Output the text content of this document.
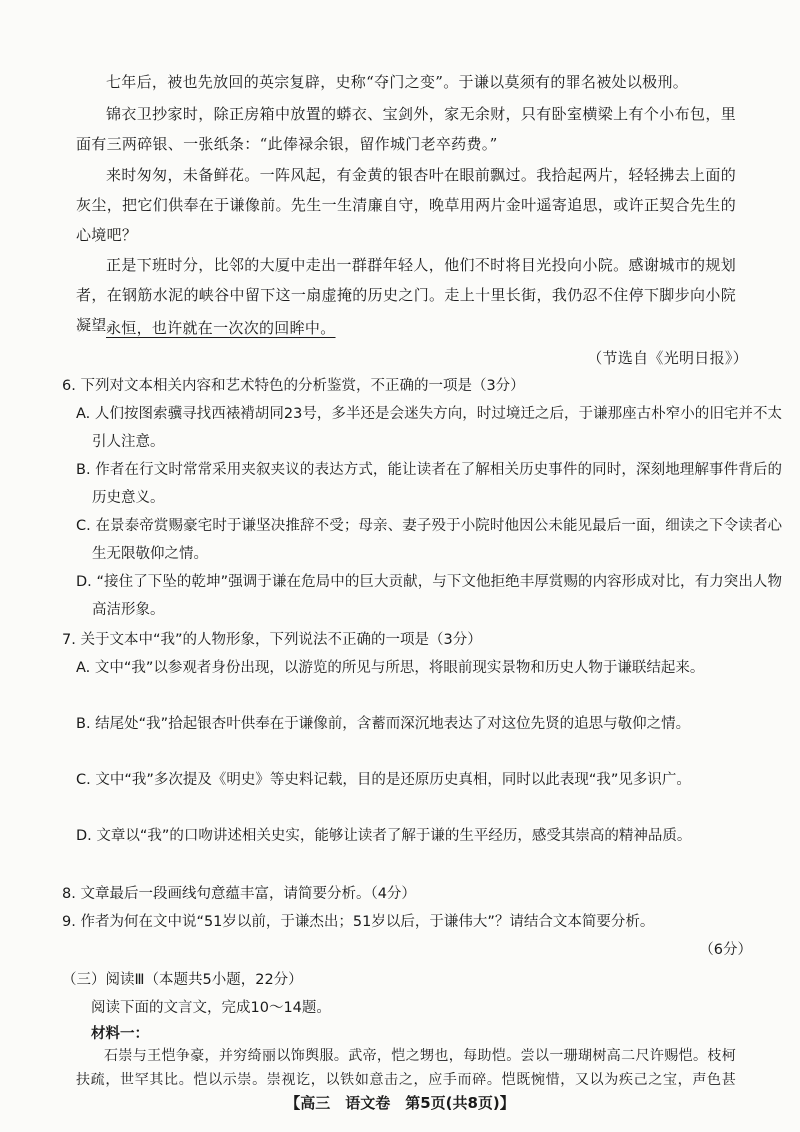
七年后，被也先放回的英宗复辟，史称“夺门之变”。于谦以莫须有的罪名被处以极刑。
锦衣卫抄家时，除正房箱中放置的蟒衣、宝剑外，家无余财，只有卧室横梁上有个小布包，里面有三两碎银、一张纸条：“此俸禄余银，留作城门老卒药费。”
来时匆匆，未备鲜花。一阵风起，有金黄的银杏叶在眼前飘过。我拾起两片，轻轻拂去上面的灰尘，把它们供奉在于谦像前。先生一生清廉自守，晚草用两片金叶遥寄追思，或许正契合先生的心境吧？
正是下班时分，比邻的大厦中走出一群群年轻人，他们不时将目光投向小院。感谢城市的规划者，在钢筋水泥的峡谷中留下这一扇虚掩的历史之门。走上十里长街，我仍忍不住停下脚步向小院凝望。
永恒，也许就在一次次的回眸中。
（节选自《光明日报》）
6. 下列对文本相关内容和艺术特色的分析鉴赏，不正确的一项是（3分）
A. 人们按图索骥寻找西裱褙胡同23号，多半还是会迷失方向，时过境迁之后，于谦那座古朴窄小的旧宅并不太引人注意。
B. 作者在行文时常常采用夹叙夹议的表达方式，能让读者在了解相关历史事件的同时，深刻地理解事件背后的历史意义。
C. 在景泰帝赏赐豪宅时于谦坚决推辞不受；母亲、妻子殁于小院时他因公未能见最后一面，细读之下令读者心生无限敬仰之情。
D. “接住了下坠的乾坤”强调于谦在危局中的巨大贡献，与下文他拒绝丰厚赏赐的内容形成对比，有力突出人物高洁形象。
7. 关于文本中“我”的人物形象，下列说法不正确的一项是（3分）
A. 文中“我”以参观者身份出现，以游览的所见与所思，将眼前现实景物和历史人物于谦联结起来。
B. 结尾处“我”拾起银杏叶供奉在于谦像前，含蓄而深沉地表达了对这位先贤的追思与敬仰之情。
C. 文中“我”多次提及《明史》等史料记载，目的是还原历史真相，同时以此表现“我”见多识广。
D. 文章以“我”的口吻讲述相关史实，能够让读者了解于谦的生平经历，感受其崇高的精神品质。
8. 文章最后一段画线句意蕴丰富，请简要分析。（4分）
9. 作者为何在文中说“51岁以前，于谦杰出；51岁以后，于谦伟大”？请结合文本简要分析。
（6分）
（三）阅读Ⅲ（本题共5小题，22分）
阅读下面的文言文，完成10～14题。
材料一：
石崇与王恺争豪，并穷绮丽以饰舆服。武帝，恺之甥也，每助恺。尝以一珊瑚树高二尺许赐恺。枝柯扶疏，世罕其比。恺以示崇。崇视讫，以铁如意击之，应手而碎。恺既惋惜，又以为疾己之宝，声色甚
【高三　语文卷　第5页(共8页)】
